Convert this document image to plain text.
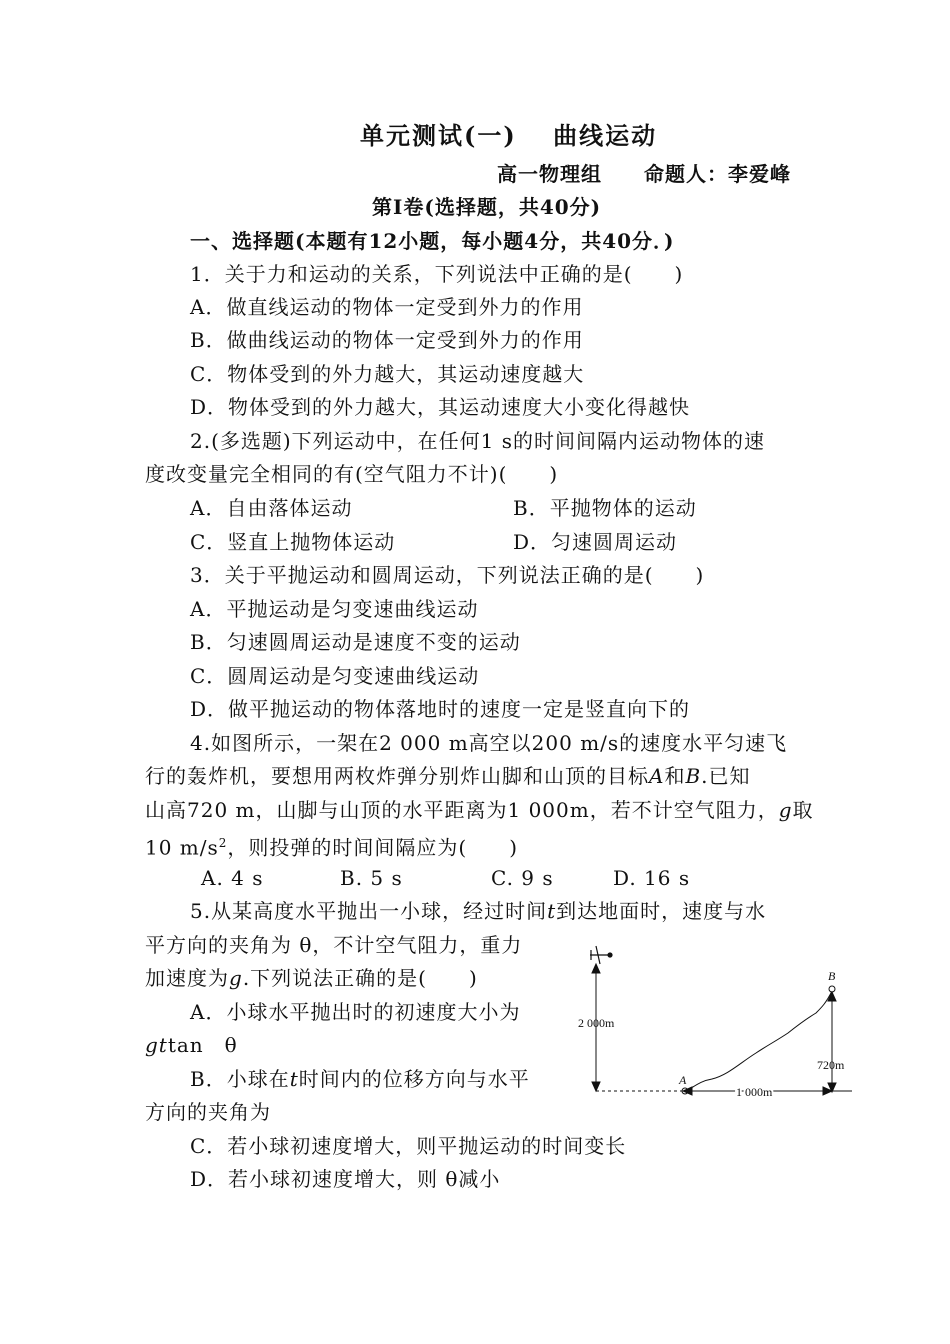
单元测试(一)　 曲线运动
高一物理组　　命题人：李爱峰
第Ⅰ卷(选择题，共40分)
一、选择题(本题有12小题，每小题4分，共40分．)
1．关于力和运动的关系，下列说法中正确的是(　　)
A．做直线运动的物体一定受到外力的作用
B．做曲线运动的物体一定受到外力的作用
C．物体受到的外力越大，其运动速度越大
D．物体受到的外力越大，其运动速度大小变化得越快
2.(多选题)下列运动中，在任何1 s的时间间隔内运动物体的速
度改变量完全相同的有(空气阻力不计)(　　)
A．自由落体运动	B．平抛物体的运动
C．竖直上抛物体运动	D．匀速圆周运动
3．关于平抛运动和圆周运动，下列说法正确的是(　　)
A．平抛运动是匀变速曲线运动
B．匀速圆周运动是速度不变的运动
C．圆周运动是匀变速曲线运动
D．做平抛运动的物体落地时的速度一定是竖直向下的
4.如图所示，一架在2 000 m高空以200 m/s的速度水平匀速飞
行的轰炸机，要想用两枚炸弹分别炸山脚和山顶的目标A和B.已知
山高720 m，山脚与山顶的水平距离为1 000m，若不计空气阻力，g取
10 $m/s^2$，则投弹的时间间隔应为(　　)
A. 4 s	B. 5 s	C. 9 s	D. 16 s
5.从某高度水平抛出一小球，经过时间t到达地面时，速度与水
平方向的夹角为 θ，不计空气阻力，重力
加速度为g.下列说法正确的是(　　)
A．小球水平抛出时的初速度大小为
gttan　θ
B．小球在t时间内的位移方向与水平
方向的夹角为
C．若小球初速度增大，则平抛运动的时间变长
D．若小球初速度增大，则 θ减小
2 000m
A
B
720m
1 000m
